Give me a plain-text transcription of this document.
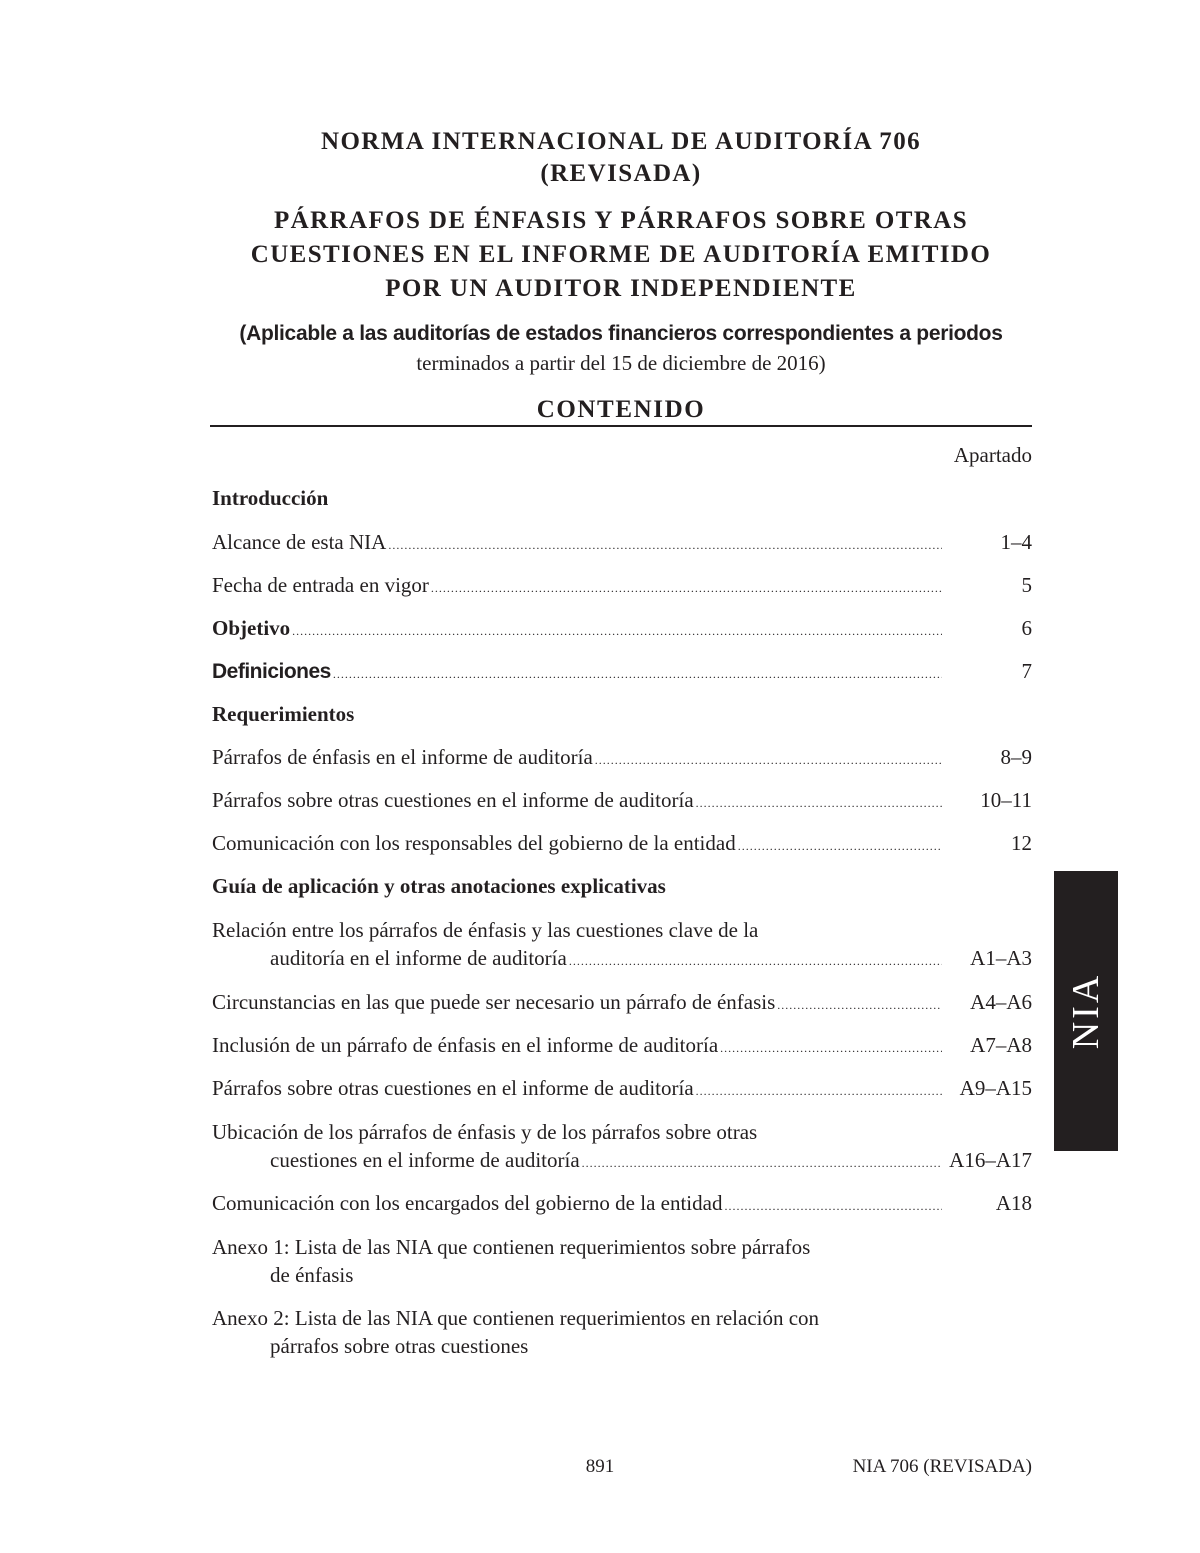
NORMA INTERNACIONAL DE AUDITORÍA 706
(REVISADA)
PÁRRAFOS DE ÉNFASIS Y PÁRRAFOS SOBRE OTRAS
CUESTIONES EN EL INFORME DE AUDITORÍA EMITIDO
POR UN AUDITOR INDEPENDIENTE
(Aplicable a las auditorías de estados financieros correspondientes a periodos
terminados a partir del 15 de diciembre de 2016)
CONTENIDO
Apartado
Introducción
Alcance de esta NIA .....	1–4
Fecha de entrada en vigor .....	5
Objetivo .....	6
Definiciones .....	7
Requerimientos
Párrafos de énfasis en el informe de auditoría .....	8–9
Párrafos sobre otras cuestiones en el informe de auditoría .....	10–11
Comunicación con los responsables del gobierno de la entidad .....	12
Guía de aplicación y otras anotaciones explicativas
Relación entre los párrafos de énfasis y las cuestiones clave de la
auditoría en el informe de auditoría .....	A1–A3
Circunstancias en las que puede ser necesario un párrafo de énfasis .....	A4–A6
Inclusión de un párrafo de énfasis en el informe de auditoría .....	A7–A8
Párrafos sobre otras cuestiones en el informe de auditoría .....	A9–A15
Ubicación de los párrafos de énfasis y de los párrafos sobre otras
cuestiones en el informe de auditoría .....	A16–A17
Comunicación con los encargados del gobierno de la entidad .....	A18
Anexo 1: Lista de las NIA que contienen requerimientos sobre párrafos
de énfasis
Anexo 2: Lista de las NIA que contienen requerimientos en relación con
párrafos sobre otras cuestiones
NIA
891	NIA 706 (REVISADA)
